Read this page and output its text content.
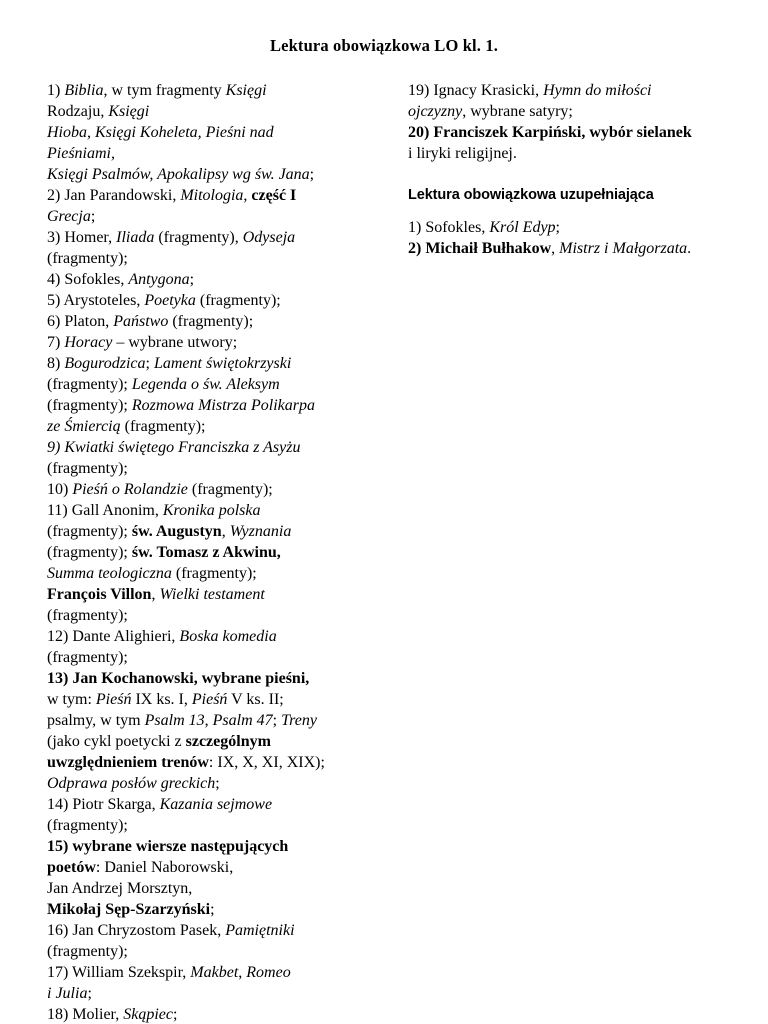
Lektura obowiązkowa LO kl. 1.
1) Biblia, w tym fragmenty Księgi
Rodzaju, Księgi
Hioba, Księgi Koheleta, Pieśni nad
Pieśniami,
Księgi Psalmów, Apokalipsy wg św. Jana;
2) Jan Parandowski, Mitologia, część I
Grecja;
3) Homer, Iliada (fragmenty), Odyseja
(fragmenty);
4) Sofokles, Antygona;
5) Arystoteles, Poetyka (fragmenty);
6) Platon, Państwo (fragmenty);
7) Horacy – wybrane utwory;
8) Bogurodzica; Lament świętokrzyski
(fragmenty); Legenda o św. Aleksym
(fragmenty); Rozmowa Mistrza Polikarpa
ze Śmiercią (fragmenty);
9) Kwiatki świętego Franciszka z Asyżu
(fragmenty);
10) Pieśń o Rolandzie (fragmenty);
11) Gall Anonim, Kronika polska
(fragmenty); św. Augustyn, Wyznania
(fragmenty); św. Tomasz z Akwinu,
Summa teologiczna (fragmenty);
François Villon, Wielki testament
(fragmenty);
12) Dante Alighieri, Boska komedia
(fragmenty);
13) Jan Kochanowski, wybrane pieśni,
w tym: Pieśń IX ks. I, Pieśń V ks. II;
psalmy, w tym Psalm 13, Psalm 47; Treny
(jako cykl poetycki z szczególnym
uwzględnieniem trenów: IX, X, XI, XIX);
Odprawa posłów greckich;
14) Piotr Skarga, Kazania sejmowe
(fragmenty);
15) wybrane wiersze następujących
poetów: Daniel Naborowski,
Jan Andrzej Morsztyn,
Mikołaj Sęp-Szarzyński;
16) Jan Chryzostom Pasek, Pamiętniki
(fragmenty);
17) William Szekspir, Makbet, Romeo
i Julia;
18) Molier, Skąpiec;
19) Ignacy Krasicki, Hymn do miłości
ojczyzny, wybrane satyry;
20) Franciszek Karpiński, wybór sielanek
i liryki religijnej.
Lektura obowiązkowa uzupełniająca
1) Sofokles, Król Edyp;
2) Michaił Bułhakow, Mistrz i Małgorzata.
